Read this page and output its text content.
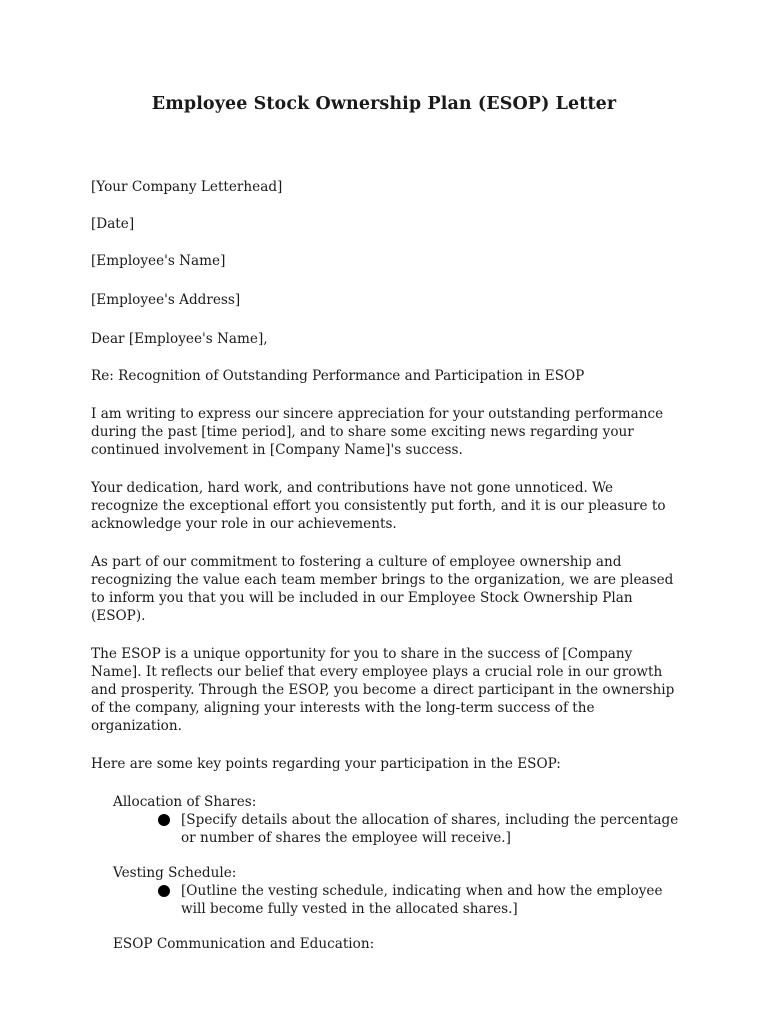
Employee Stock Ownership Plan (ESOP) Letter

[Your Company Letterhead]

[Date]

[Employee's Name]

[Employee's Address]

Dear [Employee's Name],

Re: Recognition of Outstanding Performance and Participation in ESOP

I am writing to express our sincere appreciation for your outstanding performance during the past [time period], and to share some exciting news regarding your continued involvement in [Company Name]'s success.

Your dedication, hard work, and contributions have not gone unnoticed. We recognize the exceptional effort you consistently put forth, and it is our pleasure to acknowledge your role in our achievements.

As part of our commitment to fostering a culture of employee ownership and recognizing the value each team member brings to the organization, we are pleased to inform you that you will be included in our Employee Stock Ownership Plan (ESOP).

The ESOP is a unique opportunity for you to share in the success of [Company Name]. It reflects our belief that every employee plays a crucial role in our growth and prosperity. Through the ESOP, you become a direct participant in the ownership of the company, aligning your interests with the long-term success of the organization.

Here are some key points regarding your participation in the ESOP:

Allocation of Shares:

[Specify details about the allocation of shares, including the percentage or number of shares the employee will receive.]

Vesting Schedule:

[Outline the vesting schedule, indicating when and how the employee will become fully vested in the allocated shares.]

ESOP Communication and Education:
